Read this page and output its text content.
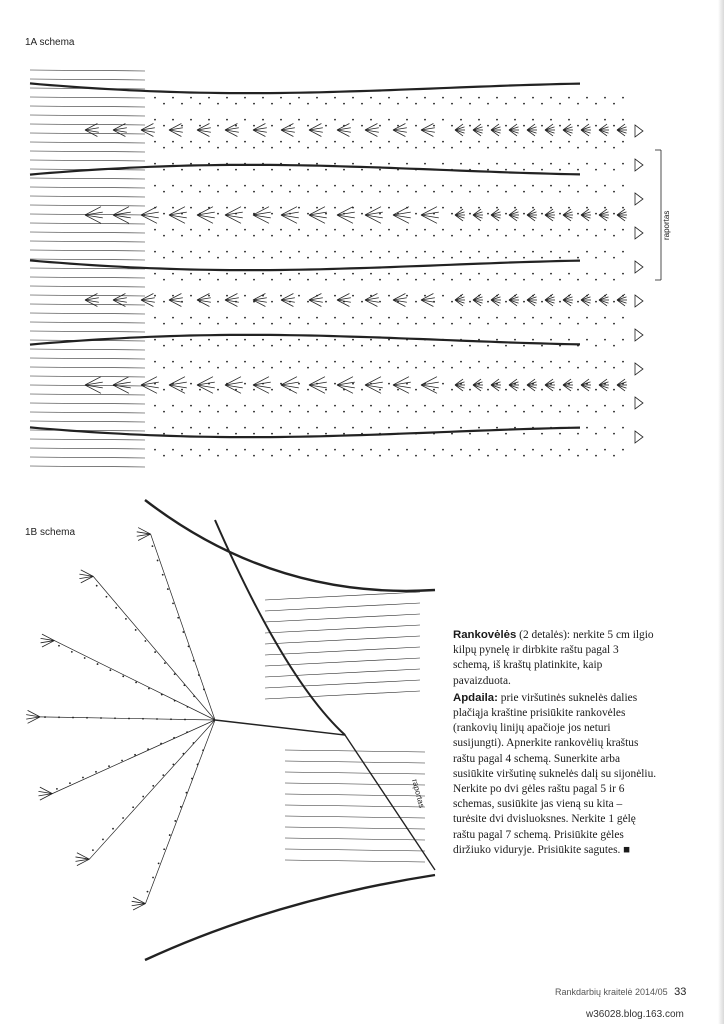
1A schema
raportas
1B schema
raportas

Rankovėlės (2 detalės): nerkite 5 cm ilgio kilpų pynelę ir dirbkite raštu pagal 3 schemą, iš kraštų platinkite, kaip pavaizduota.

Apdaila: prie viršutinės suknelės dalies plačiąja kraštine prisiūkite rankovėles (rankovių linijų apačioje jos neturi susijungti). Apnerkite rankovėlių kraštus raštu pagal 4 schemą. Sunerkite arba susiūkite viršutinę suknelės dalį su sijonėliu. Nerkite po dvi gėles raštu pagal 5 ir 6 schemas, susiūkite jas vieną su kita – turėsite dvi dvisluoksnes. Nerkite 1 gėlę raštu pagal 7 schemą. Prisiūkite gėles diržiuko viduryje. Prisiūkite sagutes. ■

Rankdarbių kraitelė 2014/05 33
w36028.blog.163.com
